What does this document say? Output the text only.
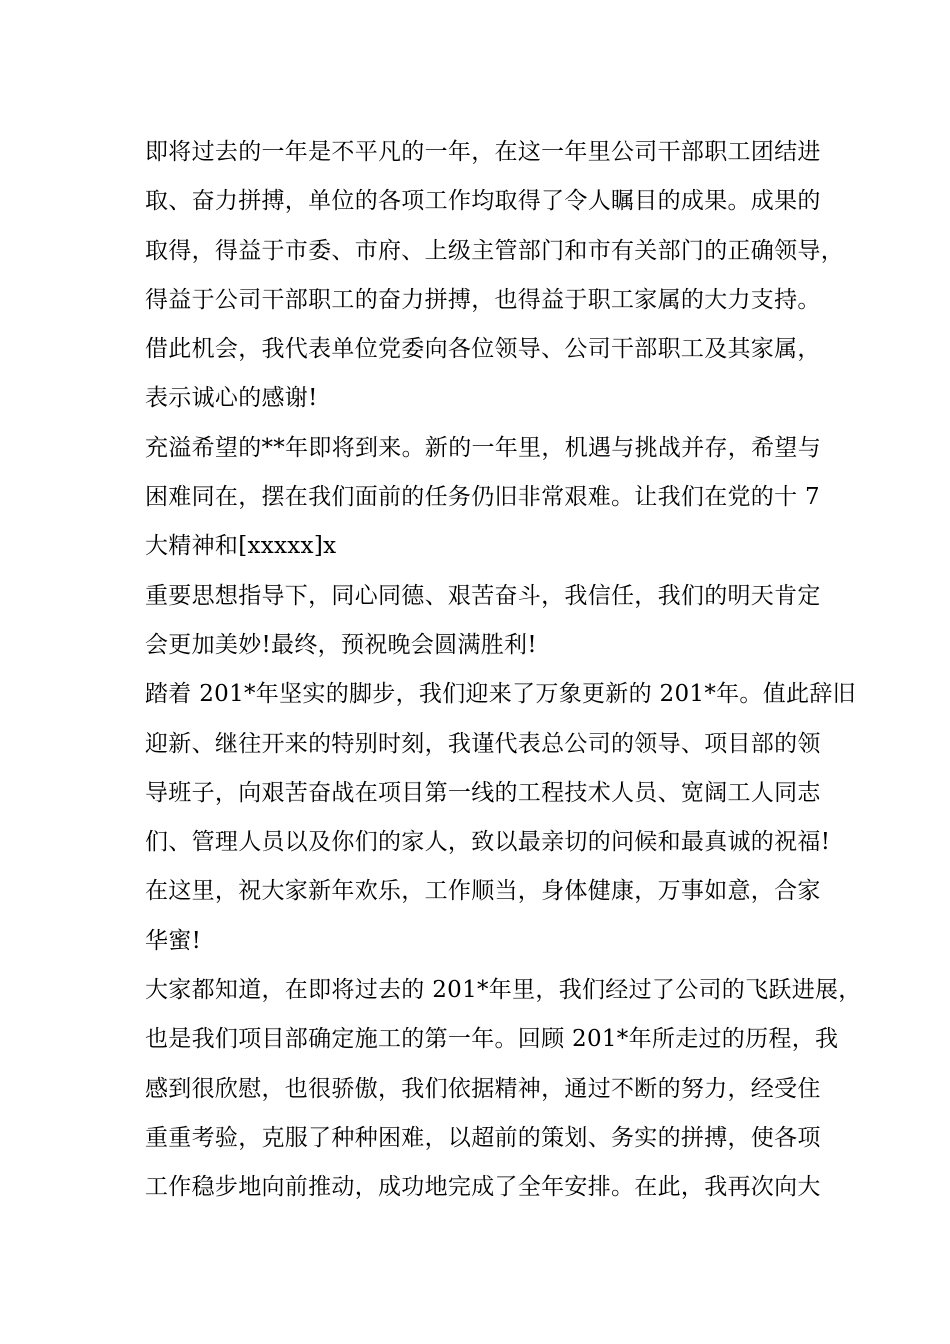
即将过去的一年是不平凡的一年，在这一年里公司干部职工团结进
取、奋力拼搏，单位的各项工作均取得了令人瞩目的成果。成果的
取得，得益于市委、市府、上级主管部门和市有关部门的正确领导，
得益于公司干部职工的奋力拼搏，也得益于职工家属的大力支持。
借此机会，我代表单位党委向各位领导、公司干部职工及其家属，
表示诚心的感谢!
充溢希望的**年即将到来。新的一年里，机遇与挑战并存，希望与
困难同在，摆在我们面前的任务仍旧非常艰难。让我们在党的十 7
大精神和[xxxxx]x
重要思想指导下，同心同德、艰苦奋斗，我信任，我们的明天肯定
会更加美妙!最终，预祝晚会圆满胜利!
踏着 201*年坚实的脚步，我们迎来了万象更新的 201*年。值此辞旧
迎新、继往开来的特别时刻，我谨代表总公司的领导、项目部的领
导班子，向艰苦奋战在项目第一线的工程技术人员、宽阔工人同志
们、管理人员以及你们的家人，致以最亲切的问候和最真诚的祝福!
在这里，祝大家新年欢乐，工作顺当，身体健康，万事如意，合家
华蜜!
大家都知道，在即将过去的 201*年里，我们经过了公司的飞跃进展，
也是我们项目部确定施工的第一年。回顾 201*年所走过的历程，我
感到很欣慰，也很骄傲，我们依据精神，通过不断的努力，经受住
重重考验，克服了种种困难，以超前的策划、务实的拼搏，使各项
工作稳步地向前推动，成功地完成了全年安排。在此，我再次向大
